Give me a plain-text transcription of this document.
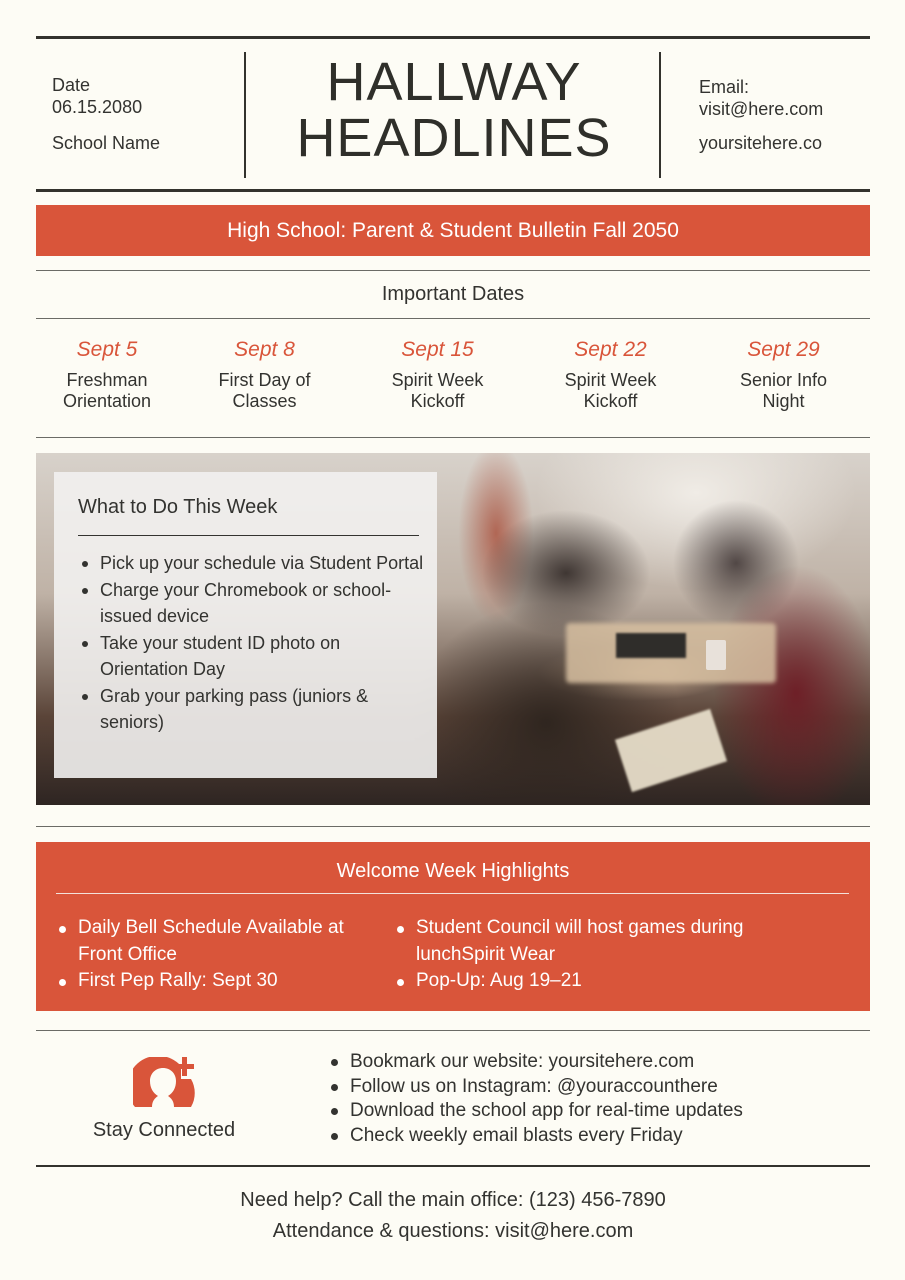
Date
06.15.2080
School Name
HALLWAY
HEADLINES
Email:
visit@here.com
yoursitehere.co
High School: Parent & Student Bulletin Fall 2050
Important Dates
Sept 5
Freshman
Orientation
Sept 8
First Day of
Classes
Sept 15
Spirit Week
Kickoff
Sept 22
Spirit Week
Kickoff
Sept 29
Senior Info
Night
What to Do This Week
Pick up your schedule via Student Portal
Charge your Chromebook or school-issued device
Take your student ID photo on Orientation Day
Grab your parking pass (juniors & seniors)
Welcome Week Highlights
Daily Bell Schedule Available at Front Office
First Pep Rally: Sept 30
Student Council will host games during lunchSpirit Wear
Pop-Up: Aug 19–21
Stay Connected
Bookmark our website: yoursitehere.com
Follow us on Instagram: @youraccounthere
Download the school app for real-time updates
Check weekly email blasts every Friday
Need help? Call the main office: (123) 456-7890
Attendance & questions: visit@here.com
